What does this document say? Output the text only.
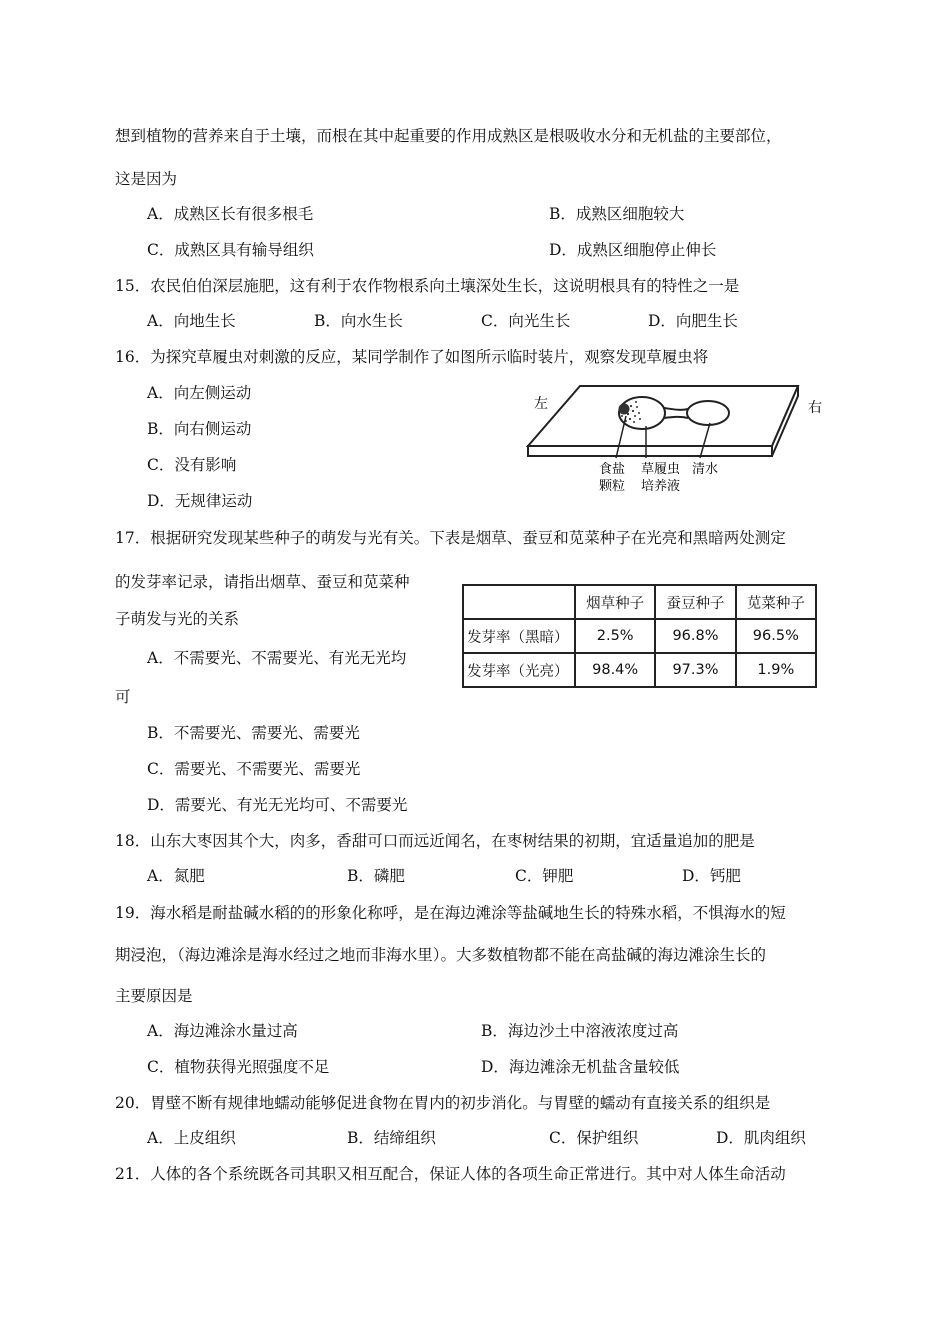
想到植物的营养来自于土壤，而根在其中起重要的作用成熟区是根吸收水分和无机盐的主要部位，
这是因为
A．成熟区长有很多根毛	B．成熟区细胞较大
C．成熟区具有输导组织	D．成熟区细胞停止伸长
15．农民伯伯深层施肥，这有利于农作物根系向土壤深处生长，这说明根具有的特性之一是
A．向地生长	B．向水生长	C．向光生长	D．向肥生长
16．为探究草履虫对刺激的反应，某同学制作了如图所示临时装片，观察发现草履虫将
A．向左侧运动
B．向右侧运动
C．没有影响
D．无规律运动
左	右
食盐
颗粒
草履虫
培养液
清水
17．根据研究发现某些种子的萌发与光有关。下表是烟草、蚕豆和苋菜种子在光亮和黑暗两处测定
的发芽率记录，请指出烟草、蚕豆和苋菜种
子萌发与光的关系
A．不需要光、不需要光、有光无光均
可
B．不需要光、需要光、需要光
C．需要光、不需要光、需要光
D．需要光、有光无光均可、不需要光
	烟草种子	蚕豆种子	苋菜种子
发芽率（黑暗）	2.5%	96.8%	96.5%
发芽率（光亮）	98.4%	97.3%	1.9%
18．山东大枣因其个大，肉多，香甜可口而远近闻名，在枣树结果的初期，宜适量追加的肥是
A．氮肥	B．磷肥	C．钾肥	D．钙肥
19．海水稻是耐盐碱水稻的的形象化称呼，是在海边滩涂等盐碱地生长的特殊水稻，不惧海水的短
期浸泡，（海边滩涂是海水经过之地而非海水里）。大多数植物都不能在高盐碱的海边滩涂生长的
主要原因是
A．海边滩涂水量过高	B．海边沙土中溶液浓度过高
C．植物获得光照强度不足	D．海边滩涂无机盐含量较低
20．胃壁不断有规律地蠕动能够促进食物在胃内的初步消化。与胃壁的蠕动有直接关系的组织是
A．上皮组织	B．结缔组织	C．保护组织	D．肌肉组织
21．人体的各个系统既各司其职又相互配合，保证人体的各项生命正常进行。其中对人体生命活动
